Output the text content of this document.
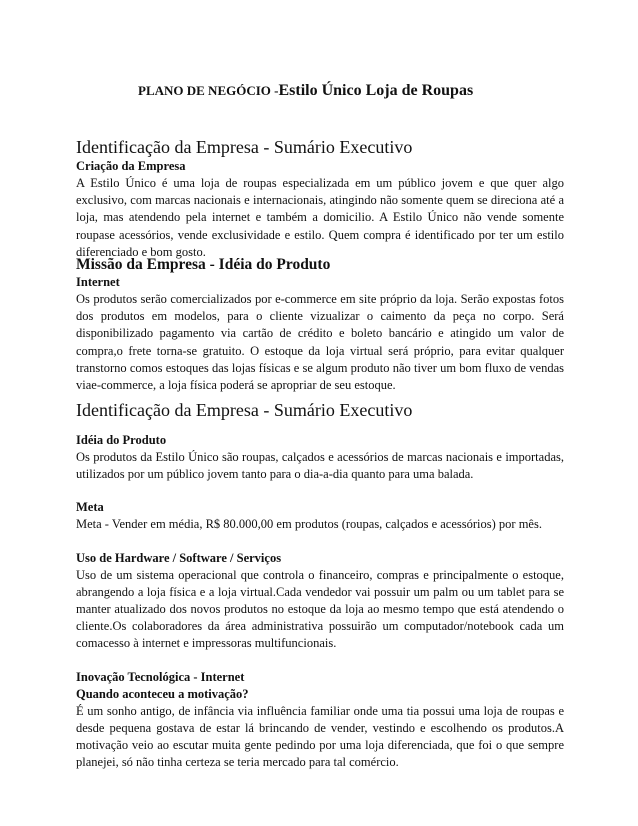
PLANO DE NEGÓCIO -Estilo Único Loja de Roupas
Identificação da Empresa - Sumário Executivo
Criação da Empresa

A Estilo Único é uma loja de roupas especializada em um público jovem e que quer algo exclusivo, com marcas nacionais e internacionais, atingindo não somente quem se direciona até a loja, mas atendendo pela internet e também a domicilio. A Estilo Único não vende somente roupase acessórios, vende exclusividade e estilo. Quem compra é identificado por ter um estilo diferenciado e bom gosto.

Missão da Empresa - Idéia do Produto
Internet

Os produtos serão comercializados por e-commerce em site próprio da loja. Serão expostas fotos dos produtos em modelos, para o cliente vizualizar o caimento da peça no corpo. Será disponibilizado pagamento via cartão de crédito e boleto bancário e atingido um valor de compra,o frete torna-se gratuito. O estoque da loja virtual será próprio, para evitar qualquer transtorno comos estoques das lojas físicas e se algum produto não tiver um bom fluxo de vendas viae-commerce, a loja física poderá se apropriar de seu estoque.

Identificação da Empresa - Sumário Executivo
Idéia do Produto

Os produtos da Estilo Único são roupas, calçados e acessórios de marcas nacionais e importadas, utilizados por um público jovem tanto para o dia-a-dia quanto para uma balada.

Meta

Meta - Vender em média, R$ 80.000,00 em produtos (roupas, calçados e acessórios) por mês.

Uso de Hardware / Software / Serviços

Uso de um sistema operacional que controla o financeiro, compras e principalmente o estoque, abrangendo a loja física e a loja virtual.Cada vendedor vai possuir um palm ou um tablet para se manter atualizado dos novos produtos no estoque da loja ao mesmo tempo que está atendendo o cliente.Os colaboradores da área administrativa possuirão um computador/notebook cada um comacesso à internet e impressoras multifuncionais.

Inovação Tecnológica - Internet
Quando aconteceu a motivação?

É um sonho antigo, de infância via influência familiar onde uma tia possui uma loja de roupas e desde pequena gostava de estar lá brincando de vender, vestindo e escolhendo os produtos.A motivação veio ao escutar muita gente pedindo por uma loja diferenciada, que foi o que sempre planejei, só não tinha certeza se teria mercado para tal comércio.
